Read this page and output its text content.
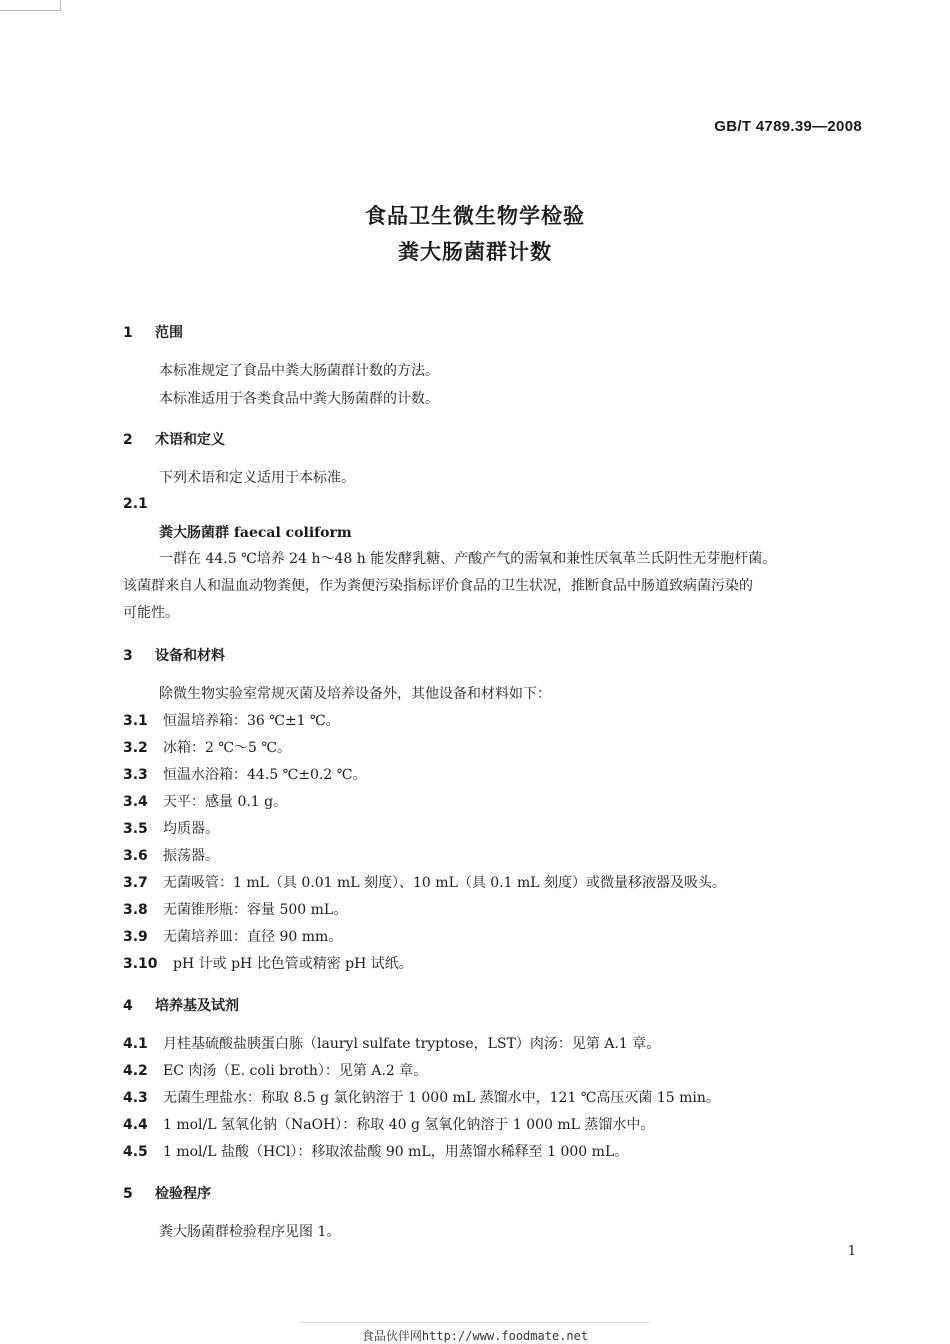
GB/T 4789.39—2008
食品卫生微生物学检验
粪大肠菌群计数
1 范围
本标准规定了食品中粪大肠菌群计数的方法。
本标准适用于各类食品中粪大肠菌群的计数。
2 术语和定义
下列术语和定义适用于本标准。
2.1
粪大肠菌群 faecal coliform
一群在 44.5 ℃培养 24 h～48 h 能发酵乳糖、产酸产气的需氧和兼性厌氧革兰氏阴性无芽胞杆菌。
该菌群来自人和温血动物粪便，作为粪便污染指标评价食品的卫生状况，推断食品中肠道致病菌污染的
可能性。
3 设备和材料
除微生物实验室常规灭菌及培养设备外，其他设备和材料如下：
3.1 恒温培养箱：36 ℃±1 ℃。
3.2 冰箱：2 ℃～5 ℃。
3.3 恒温水浴箱：44.5 ℃±0.2 ℃。
3.4 天平：感量 0.1 g。
3.5 均质器。
3.6 振荡器。
3.7 无菌吸管：1 mL（具 0.01 mL 刻度）、10 mL（具 0.1 mL 刻度）或微量移液器及吸头。
3.8 无菌锥形瓶：容量 500 mL。
3.9 无菌培养皿：直径 90 mm。
3.10 pH 计或 pH 比色管或精密 pH 试纸。
4 培养基及试剂
4.1 月桂基硫酸盐胰蛋白胨（lauryl sulfate tryptose，LST）肉汤：见第 A.1 章。
4.2 EC 肉汤（E. coli broth）：见第 A.2 章。
4.3 无菌生理盐水：称取 8.5 g 氯化钠溶于 1 000 mL 蒸馏水中，121 ℃高压灭菌 15 min。
4.4 1 mol/L 氢氧化钠（NaOH）：称取 40 g 氢氧化钠溶于 1 000 mL 蒸馏水中。
4.5 1 mol/L 盐酸（HCl）：移取浓盐酸 90 mL，用蒸馏水稀释至 1 000 mL。
5 检验程序
粪大肠菌群检验程序见图 1。
1
食品伙伴网http://www.foodmate.net
